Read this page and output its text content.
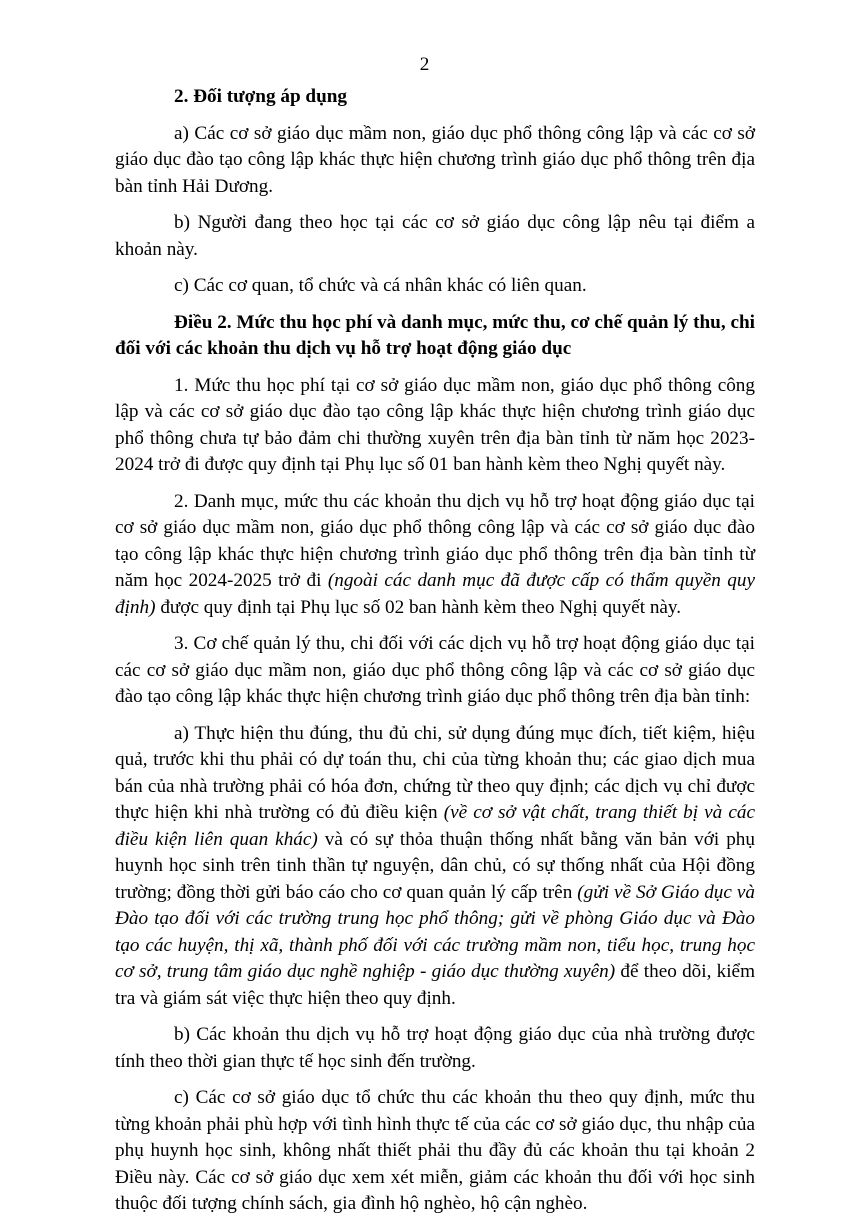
2

2. Đối tượng áp dụng

a) Các cơ sở giáo dục mầm non, giáo dục phổ thông công lập và các cơ sở giáo dục đào tạo công lập khác thực hiện chương trình giáo dục phổ thông trên địa bàn tỉnh Hải Dương.

b) Người đang theo học tại các cơ sở giáo dục công lập nêu tại điểm a khoản này.

c) Các cơ quan, tổ chức và cá nhân khác có liên quan.

Điều 2. Mức thu học phí và danh mục, mức thu, cơ chế quản lý thu, chi đối với các khoản thu dịch vụ hỗ trợ hoạt động giáo dục

1. Mức thu học phí tại cơ sở giáo dục mầm non, giáo dục phổ thông công lập và các cơ sở giáo dục đào tạo công lập khác thực hiện chương trình giáo dục phổ thông chưa tự bảo đảm chi thường xuyên trên địa bàn tỉnh từ năm học 2023-2024 trở đi được quy định tại Phụ lục số 01 ban hành kèm theo Nghị quyết này.

2. Danh mục, mức thu các khoản thu dịch vụ hỗ trợ hoạt động giáo dục tại cơ sở giáo dục mầm non, giáo dục phổ thông công lập và các cơ sở giáo dục đào tạo công lập khác thực hiện chương trình giáo dục phổ thông trên địa bàn tỉnh từ năm học 2024-2025 trở đi (ngoài các danh mục đã được cấp có thẩm quyền quy định) được quy định tại Phụ lục số 02 ban hành kèm theo Nghị quyết này.

3. Cơ chế quản lý thu, chi đối với các dịch vụ hỗ trợ hoạt động giáo dục tại các cơ sở giáo dục mầm non, giáo dục phổ thông công lập và các cơ sở giáo dục đào tạo công lập khác thực hiện chương trình giáo dục phổ thông trên địa bàn tỉnh:

a) Thực hiện thu đúng, thu đủ chi, sử dụng đúng mục đích, tiết kiệm, hiệu quả, trước khi thu phải có dự toán thu, chi của từng khoản thu; các giao dịch mua bán của nhà trường phải có hóa đơn, chứng từ theo quy định; các dịch vụ chỉ được thực hiện khi nhà trường có đủ điều kiện (về cơ sở vật chất, trang thiết bị và các điều kiện liên quan khác) và có sự thỏa thuận thống nhất bằng văn bản với phụ huynh học sinh trên tinh thần tự nguyện, dân chủ, có sự thống nhất của Hội đồng trường; đồng thời gửi báo cáo cho cơ quan quản lý cấp trên (gửi về Sở Giáo dục và Đào tạo đối với các trường trung học phổ thông; gửi về phòng Giáo dục và Đào tạo các huyện, thị xã, thành phố đối với các trường mầm non, tiểu học, trung học cơ sở, trung tâm giáo dục nghề nghiệp - giáo dục thường xuyên) để theo dõi, kiểm tra và giám sát việc thực hiện theo quy định.

b) Các khoản thu dịch vụ hỗ trợ hoạt động giáo dục của nhà trường được tính theo thời gian thực tế học sinh đến trường.

c) Các cơ sở giáo dục tổ chức thu các khoản thu theo quy định, mức thu từng khoản phải phù hợp với tình hình thực tế của các cơ sở giáo dục, thu nhập của phụ huynh học sinh, không nhất thiết phải thu đầy đủ các khoản thu tại khoản 2 Điều này. Các cơ sở giáo dục xem xét miễn, giảm các khoản thu đối với học sinh thuộc đối tượng chính sách, gia đình hộ nghèo, hộ cận nghèo.
